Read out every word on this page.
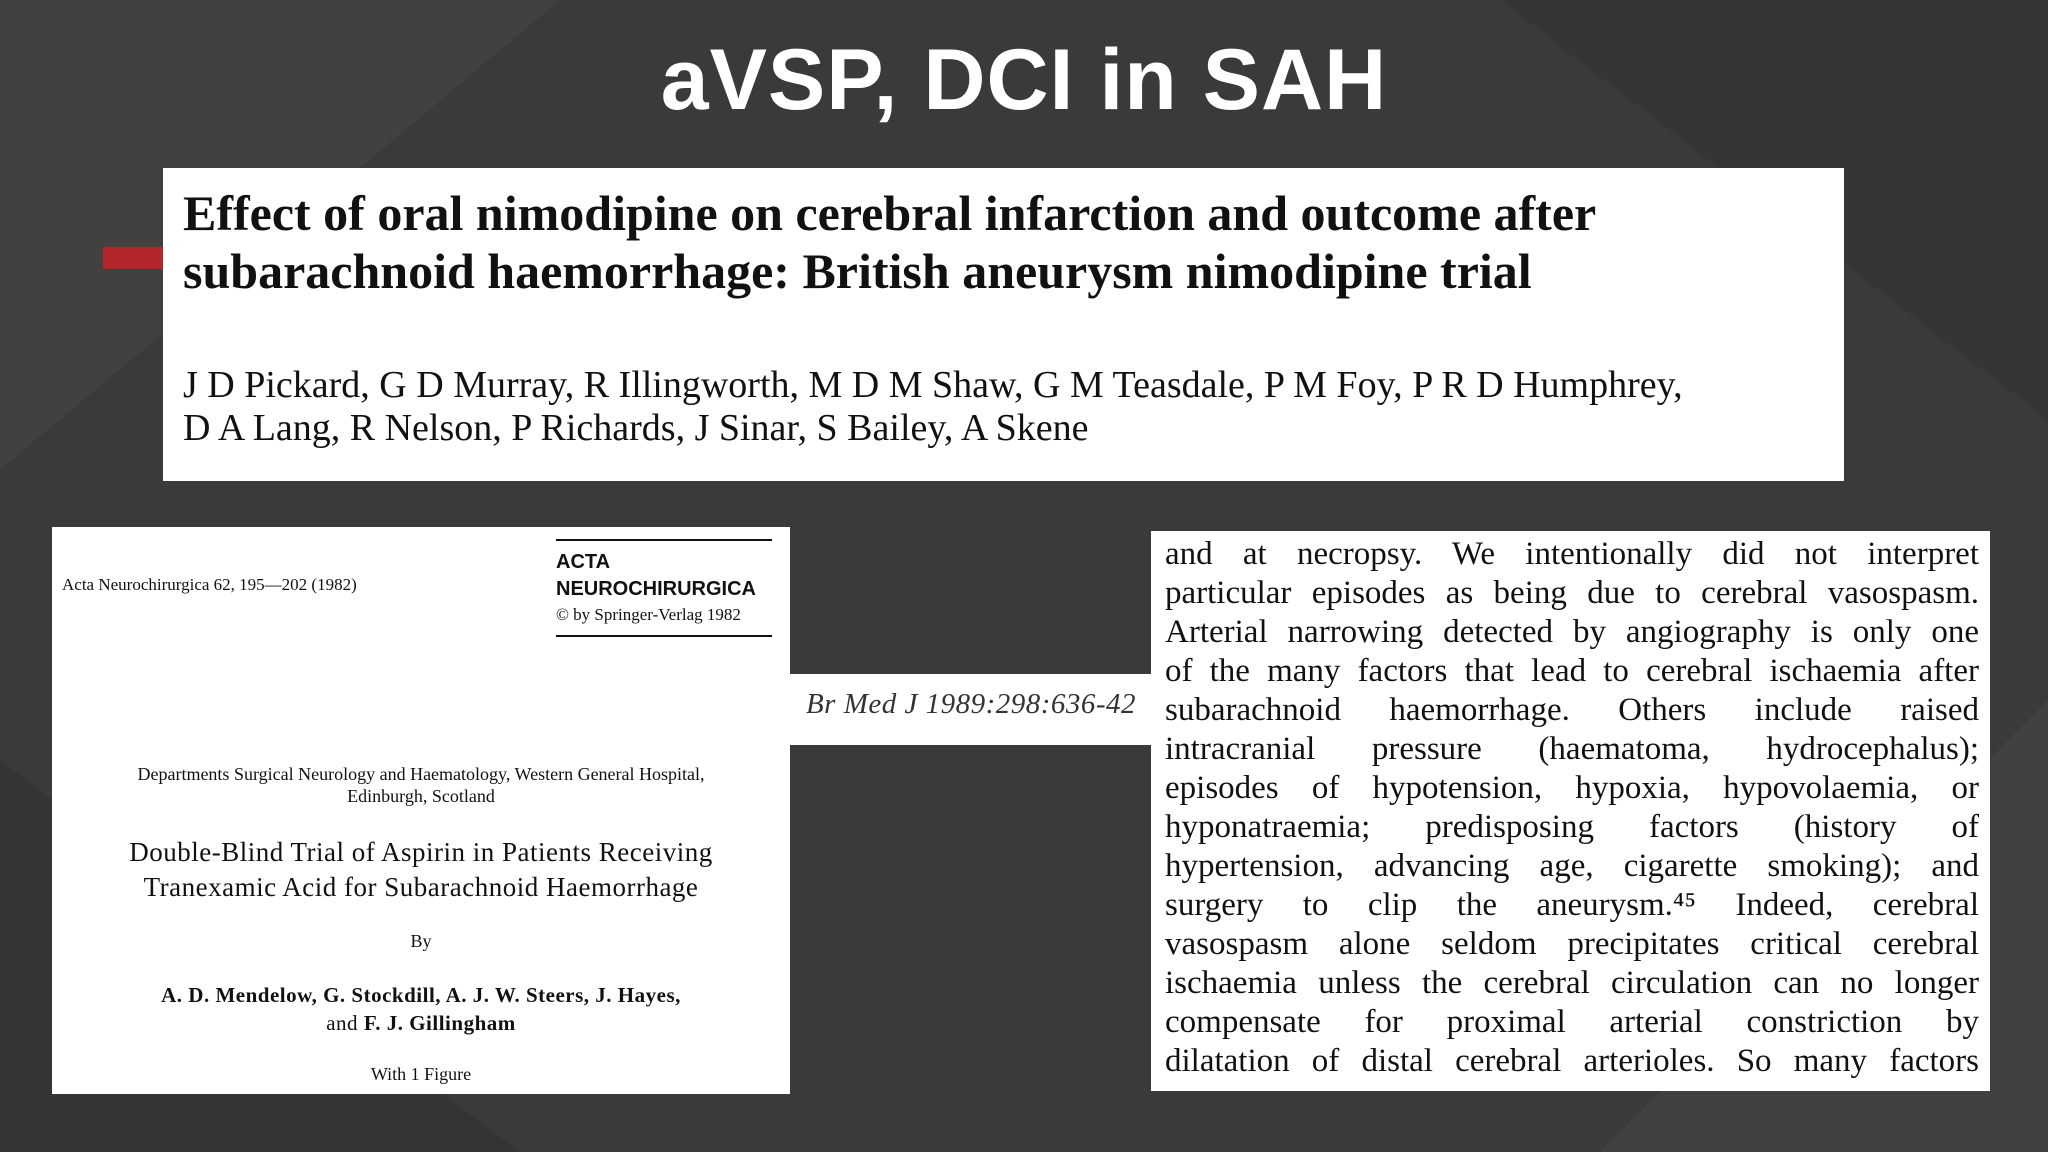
aVSP, DCI in SAH
Effect of oral nimodipine on cerebral infarction and outcome after
subarachnoid haemorrhage: British aneurysm nimodipine trial
J D Pickard, G D Murray, R Illingworth, M D M Shaw, G M Teasdale, P M Foy, P R D Humphrey,
D A Lang, R Nelson, P Richards, J Sinar, S Bailey, A Skene
Acta Neurochirurgica 62, 195—202 (1982)
ACTA
NEUROCHIRURGICA
© by Springer-Verlag 1982
Departments Surgical Neurology and Haematology, Western General Hospital,
Edinburgh, Scotland
Double-Blind Trial of Aspirin in Patients Receiving
Tranexamic Acid for Subarachnoid Haemorrhage
By
A. D. Mendelow, G. Stockdill, A. J. W. Steers, J. Hayes,
and F. J. Gillingham
With 1 Figure
Br Med J 1989:298:636-42
and at necropsy. We intentionally did not interpret
particular episodes as being due to cerebral vasospasm.
Arterial narrowing detected by angiography is only one
of the many factors that lead to cerebral ischaemia after
subarachnoid haemorrhage. Others include raised
intracranial pressure (haematoma, hydrocephalus);
episodes of hypotension, hypoxia, hypovolaemia, or
hyponatraemia; predisposing factors (history of
hypertension, advancing age, cigarette smoking); and
surgery to clip the aneurysm.⁴⁵ Indeed, cerebral
vasospasm alone seldom precipitates critical cerebral
ischaemia unless the cerebral circulation can no longer
compensate for proximal arterial constriction by
dilatation of distal cerebral arterioles. So many factors
